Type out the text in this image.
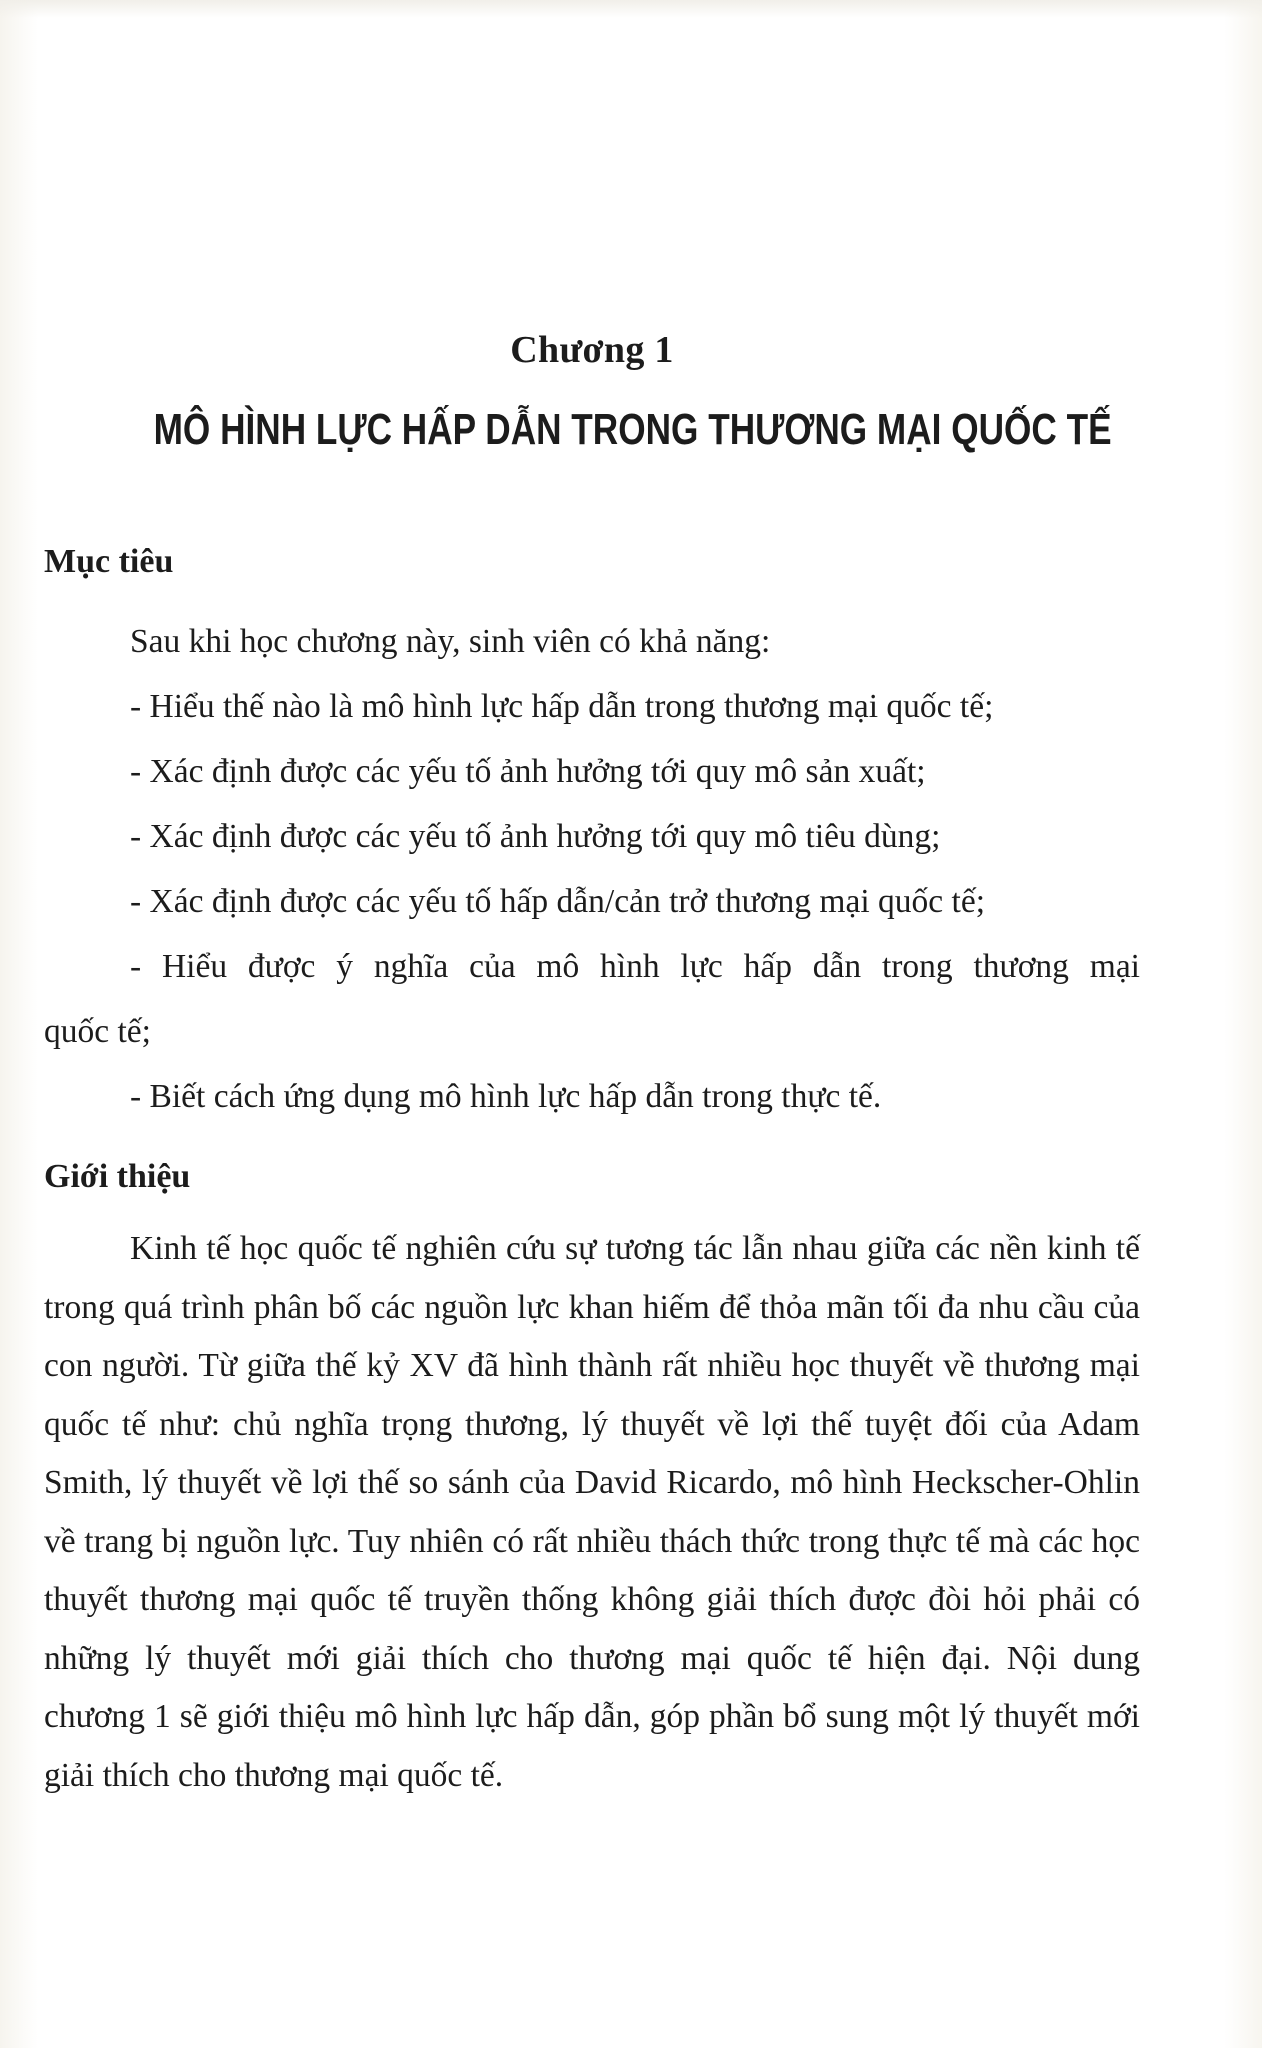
Chương 1
MÔ HÌNH LỰC HẤP DẪN TRONG THƯƠNG MẠI QUỐC TẾ
Mục tiêu
Sau khi học chương này, sinh viên có khả năng:
- Hiểu thế nào là mô hình lực hấp dẫn trong thương mại quốc tế;
- Xác định được các yếu tố ảnh hưởng tới quy mô sản xuất;
- Xác định được các yếu tố ảnh hưởng tới quy mô tiêu dùng;
- Xác định được các yếu tố hấp dẫn/cản trở thương mại quốc tế;
- Hiểu được ý nghĩa của mô hình lực hấp dẫn trong thương mại
quốc tế;
- Biết cách ứng dụng mô hình lực hấp dẫn trong thực tế.
Giới thiệu
Kinh tế học quốc tế nghiên cứu sự tương tác lẫn nhau giữa các nền kinh tế trong quá trình phân bố các nguồn lực khan hiếm để thỏa mãn tối đa nhu cầu của con người. Từ giữa thế kỷ XV đã hình thành rất nhiều học thuyết về thương mại quốc tế như: chủ nghĩa trọng thương, lý thuyết về lợi thế tuyệt đối của Adam Smith, lý thuyết về lợi thế so sánh của David Ricardo, mô hình Heckscher-Ohlin về trang bị nguồn lực. Tuy nhiên có rất nhiều thách thức trong thực tế mà các học thuyết thương mại quốc tế truyền thống không giải thích được đòi hỏi phải có những lý thuyết mới giải thích cho thương mại quốc tế hiện đại. Nội dung chương 1 sẽ giới thiệu mô hình lực hấp dẫn, góp phần bổ sung một lý thuyết mới giải thích cho thương mại quốc tế.
